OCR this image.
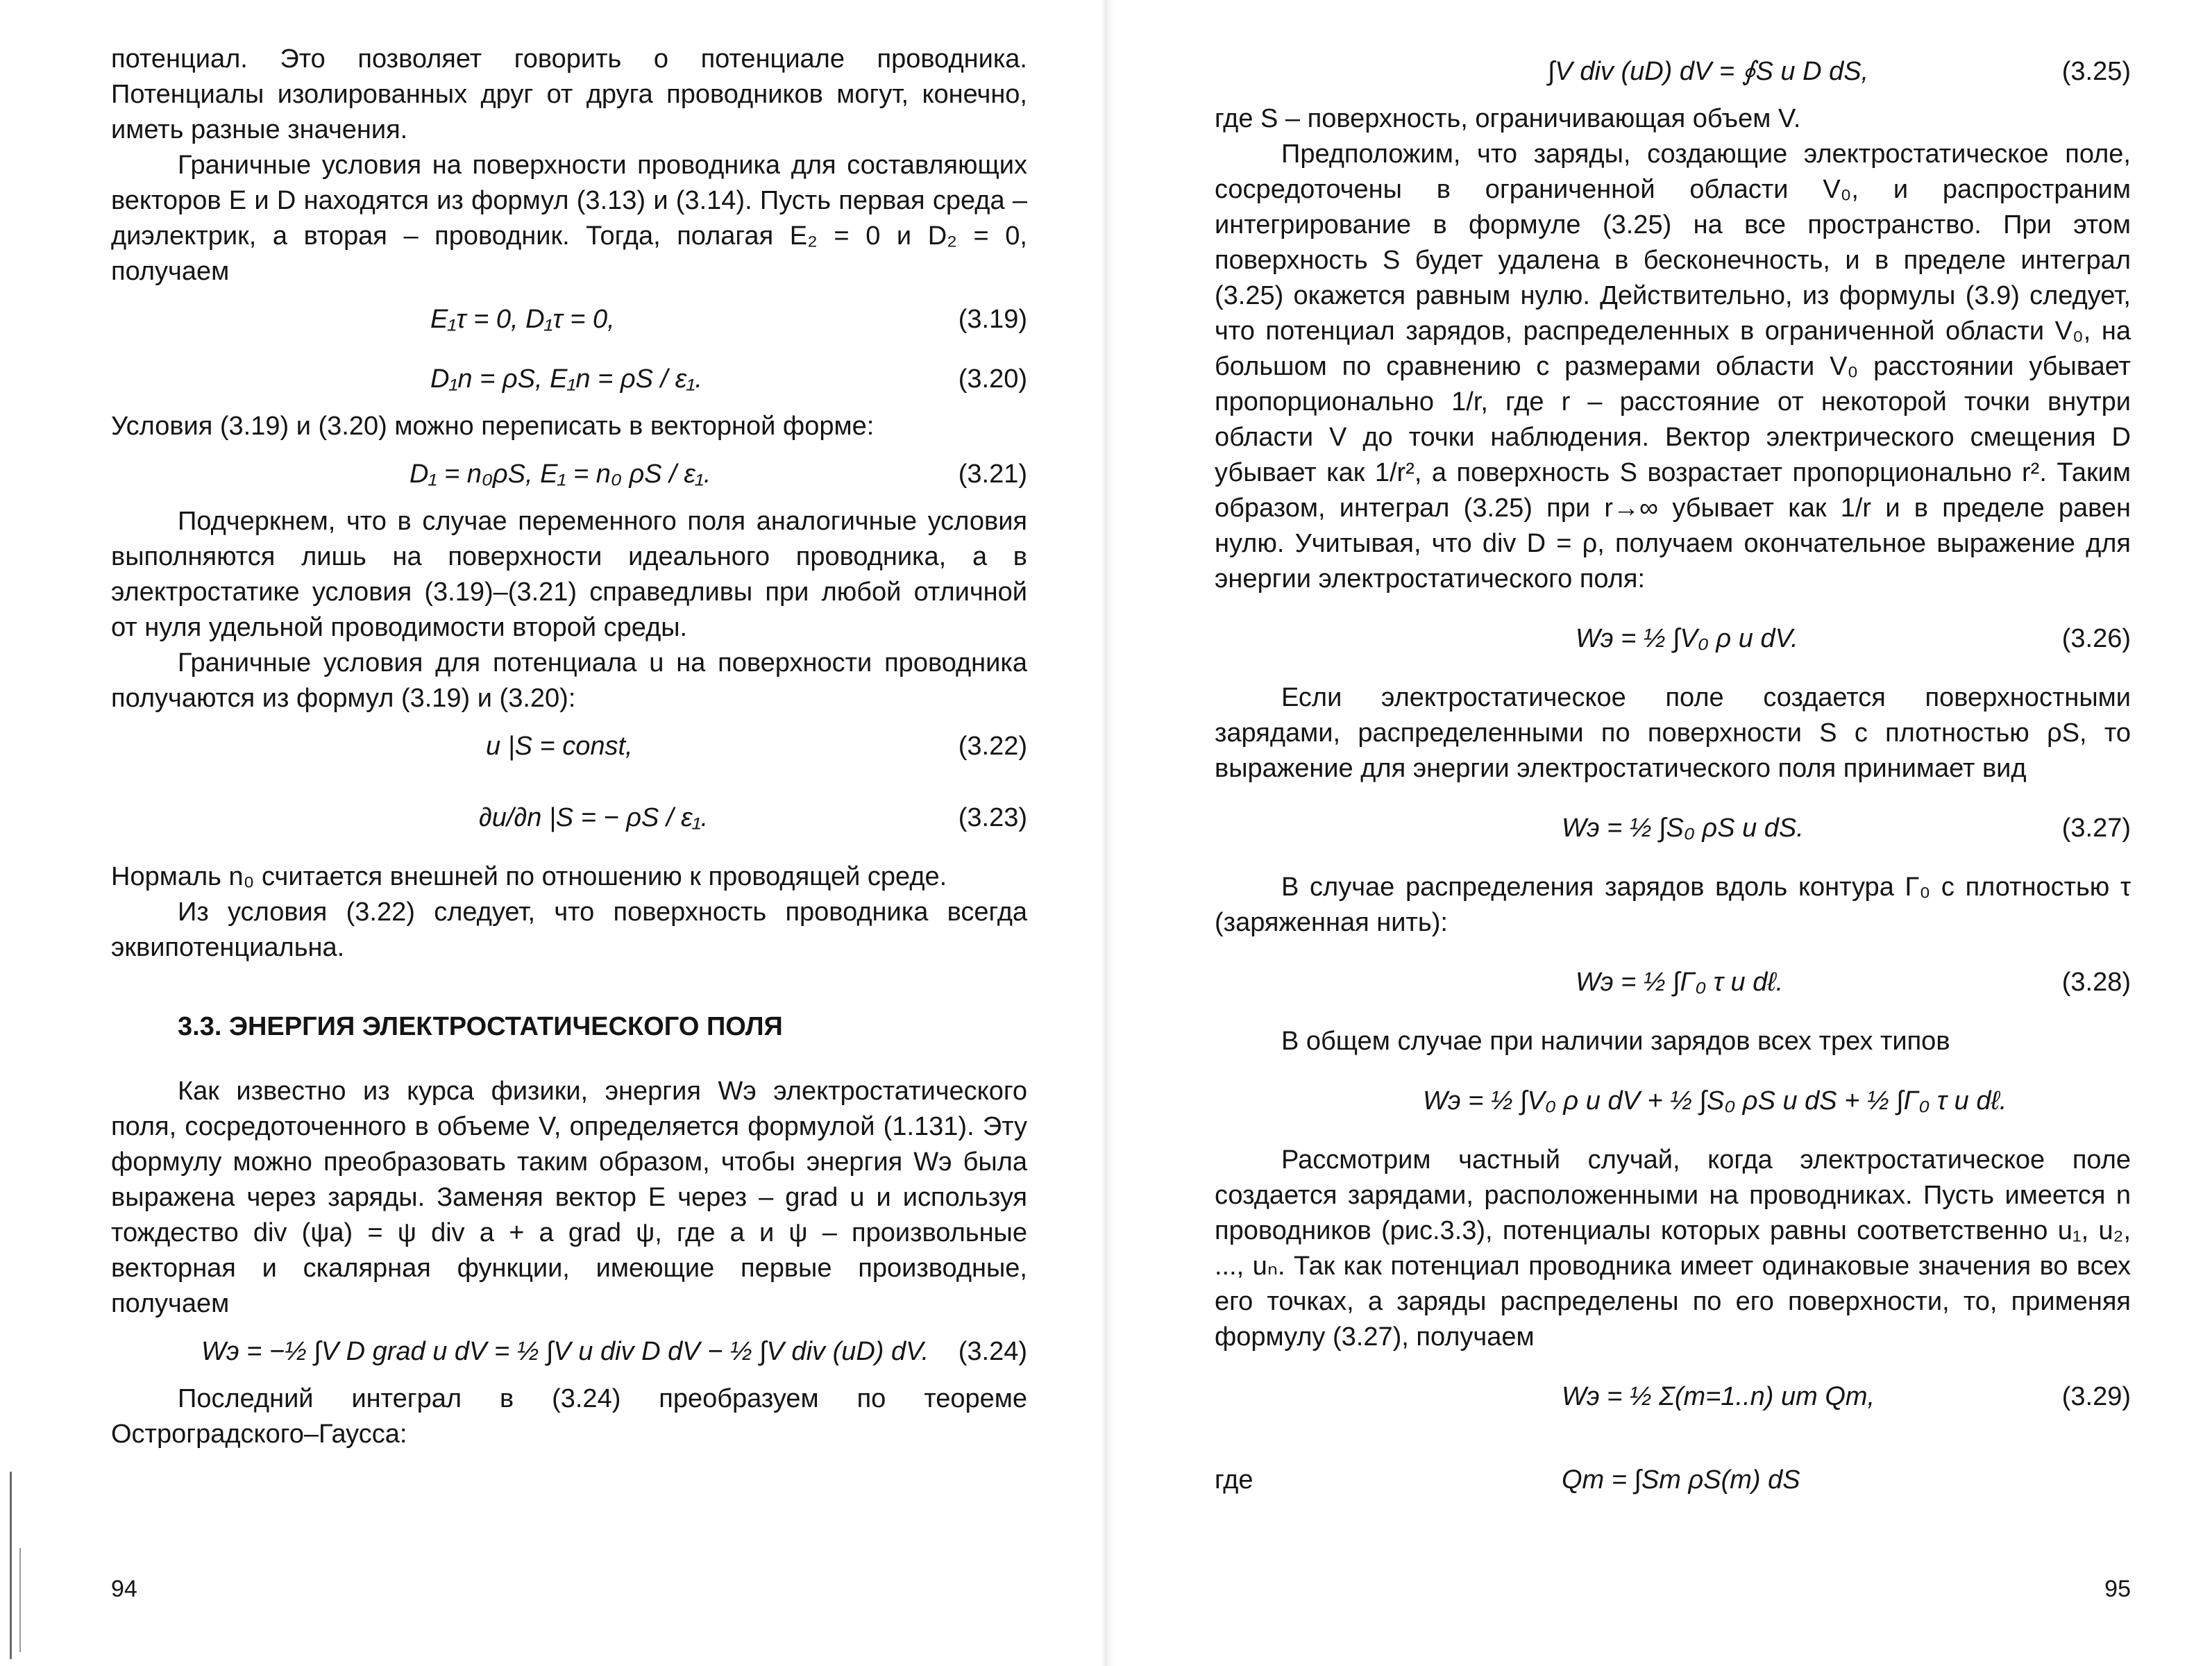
потенциал. Это позволяет говорить о потенциале проводника. Потенциалы изолированных друг от друга проводников могут, конечно, иметь разные значения.

Граничные условия на поверхности проводника для составляющих векторов E и D находятся из формул (3.13) и (3.14). Пусть первая среда – диэлектрик, а вторая – проводник. Тогда, полагая E₂ = 0 и D₂ = 0, получаем

E₁τ = 0, D₁τ = 0,	(3.19)
D₁n = ρS, E₁n = ρS / ε₁.	(3.20)

Условия (3.19) и (3.20) можно переписать в векторной форме:

D₁ = n₀ρS, E₁ = n₀ ρS / ε₁.	(3.21)

Подчеркнем, что в случае переменного поля аналогичные условия выполняются лишь на поверхности идеального проводника, а в электростатике условия (3.19)–(3.21) справедливы при любой отличной от нуля удельной проводимости второй среды.

Граничные условия для потенциала u на поверхности проводника получаются из формул (3.19) и (3.20):

u |S = const,	(3.22)
∂u/∂n |S = − ρS / ε₁.	(3.23)

Нормаль n₀ считается внешней по отношению к проводящей среде.

Из условия (3.22) следует, что поверхность проводника всегда эквипотенциальна.

3.3. ЭНЕРГИЯ ЭЛЕКТРОСТАТИЧЕСКОГО ПОЛЯ

Как известно из курса физики, энергия Wэ электростатического поля, сосредоточенного в объеме V, определяется формулой (1.131). Эту формулу можно преобразовать таким образом, чтобы энергия Wэ была выражена через заряды. Заменяя вектор E через – grad u и используя тождество div (ψa) = ψ div a + a grad ψ, где a и ψ – произвольные векторная и скалярная функции, имеющие первые производные, получаем

Wэ = −½ ∫V D grad u dV = ½ ∫V u div D dV − ½ ∫V div (uD) dV. (3.24)

Последний интеграл в (3.24) преобразуем по теореме Остроградского–Гаусса:

94
∫V div (uD) dV = ∮S u D dS,	(3.25)

где S – поверхность, ограничивающая объем V.

Предположим, что заряды, создающие электростатическое поле, сосредоточены в ограниченной области V₀, и распространим интегрирование в формуле (3.25) на все пространство. При этом поверхность S будет удалена в бесконечность, и в пределе интеграл (3.25) окажется равным нулю. Действительно, из формулы (3.9) следует, что потенциал зарядов, распределенных в ограниченной области V₀, на большом по сравнению с размерами области V₀ расстоянии убывает пропорционально 1/r, где r – расстояние от некоторой точки внутри области V до точки наблюдения. Вектор электрического смещения D убывает как 1/r², а поверхность S возрастает пропорционально r². Таким образом, интеграл (3.25) при r→∞ убывает как 1/r и в пределе равен нулю. Учитывая, что div D = ρ, получаем окончательное выражение для энергии электростатического поля:

Wэ = ½ ∫V₀ ρ u dV.	(3.26)

Если электростатическое поле создается поверхностными зарядами, распределенными по поверхности S с плотностью ρS, то выражение для энергии электростатического поля принимает вид

Wэ = ½ ∫S₀ ρS u dS.	(3.27)

В случае распределения зарядов вдоль контура Γ₀ с плотностью τ (заряженная нить):

Wэ = ½ ∫Γ₀ τ u dℓ.	(3.28)

В общем случае при наличии зарядов всех трех типов

Wэ = ½ ∫V₀ ρ u dV + ½ ∫S₀ ρS u dS + ½ ∫Γ₀ τ u dℓ.

Рассмотрим частный случай, когда электростатическое поле создается зарядами, расположенными на проводниках. Пусть имеется n проводников (рис.3.3), потенциалы которых равны соответственно u₁, u₂, ..., uₙ. Так как потенциал проводника имеет одинаковые значения во всех его точках, а заряды распределены по его поверхности, то, применяя формулу (3.27), получаем

Wэ = ½ Σ(m=1..n) um Qm,	(3.29)
где	Qm = ∫Sm ρS(m) dS
95
